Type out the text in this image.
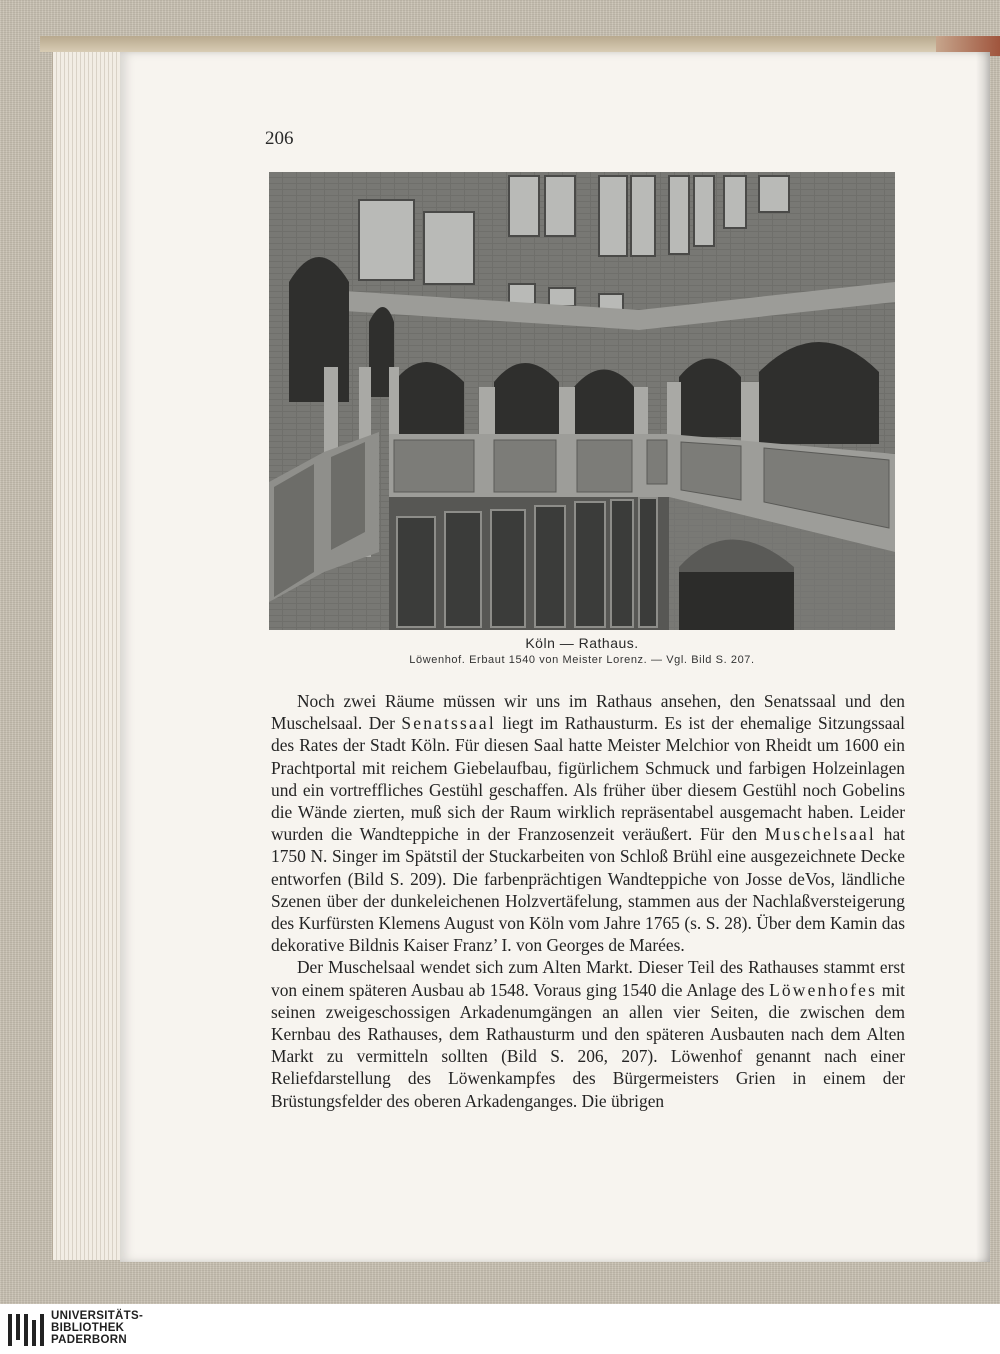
206
Köln — Rathaus.
Löwenhof. Erbaut 1540 von Meister Lorenz. — Vgl. Bild S. 207.

Noch zwei Räume müssen wir uns im Rathaus ansehen, den Senatssaal und den Muschelsaal. Der Senatssaal liegt im Rathausturm. Es ist der ehemalige Sitzungssaal des Rates der Stadt Köln. Für diesen Saal hatte Meister Melchior von Rheidt um 1600 ein Prachtportal mit reichem Giebelaufbau, figürlichem Schmuck und farbigen Holzeinlagen und ein vortreffliches Gestühl geschaffen. Als früher über diesem Gestühl noch Gobelins die Wände zierten, muß sich der Raum wirklich repräsentabel ausgemacht haben. Leider wurden die Wandteppiche in der Franzosenzeit veräußert. Für den Muschelsaal hat 1750 N. Singer im Spätstil der Stuckarbeiten von Schloß Brühl eine ausgezeichnete Decke entworfen (Bild S. 209). Die farbenprächtigen Wandteppiche von Josse deVos, ländliche Szenen über der dunkeleichenen Holzvertäfelung, stammen aus der Nachlaßversteigerung des Kurfürsten Klemens August von Köln vom Jahre 1765 (s. S. 28). Über dem Kamin das dekorative Bildnis Kaiser Franz’ I. von Georges de Marées.

Der Muschelsaal wendet sich zum Alten Markt. Dieser Teil des Rathauses stammt erst von einem späteren Ausbau ab 1548. Voraus ging 1540 die Anlage des Löwenhofes mit seinen zweigeschossigen Arkadenumgängen an allen vier Seiten, die zwischen dem Kernbau des Rathauses, dem Rathausturm und den späteren Ausbauten nach dem Alten Markt zu vermitteln sollten (Bild S. 206, 207). Löwenhof genannt nach einer Reliefdarstellung des Löwenkampfes des Bürgermeisters Grien in einem der Brüstungsfelder des oberen Arkadenganges. Die übrigen

UNIVERSITÄTS-
BIBLIOTHEK
PADERBORN
